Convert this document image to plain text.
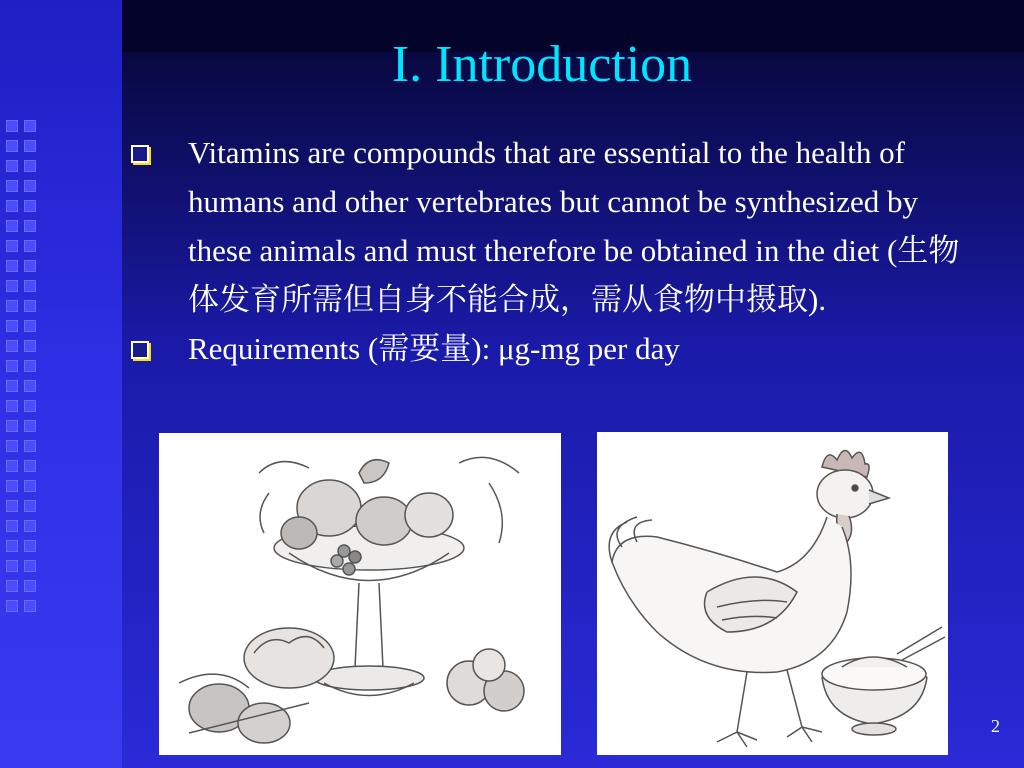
I. Introduction
Vitamins are compounds that are essential to the health of humans and other vertebrates but cannot be synthesized by these animals and must therefore be obtained in the diet (生物体发育所需但自身不能合成，需从食物中摄取).
Requirements (需要量): μg-mg per day
2
